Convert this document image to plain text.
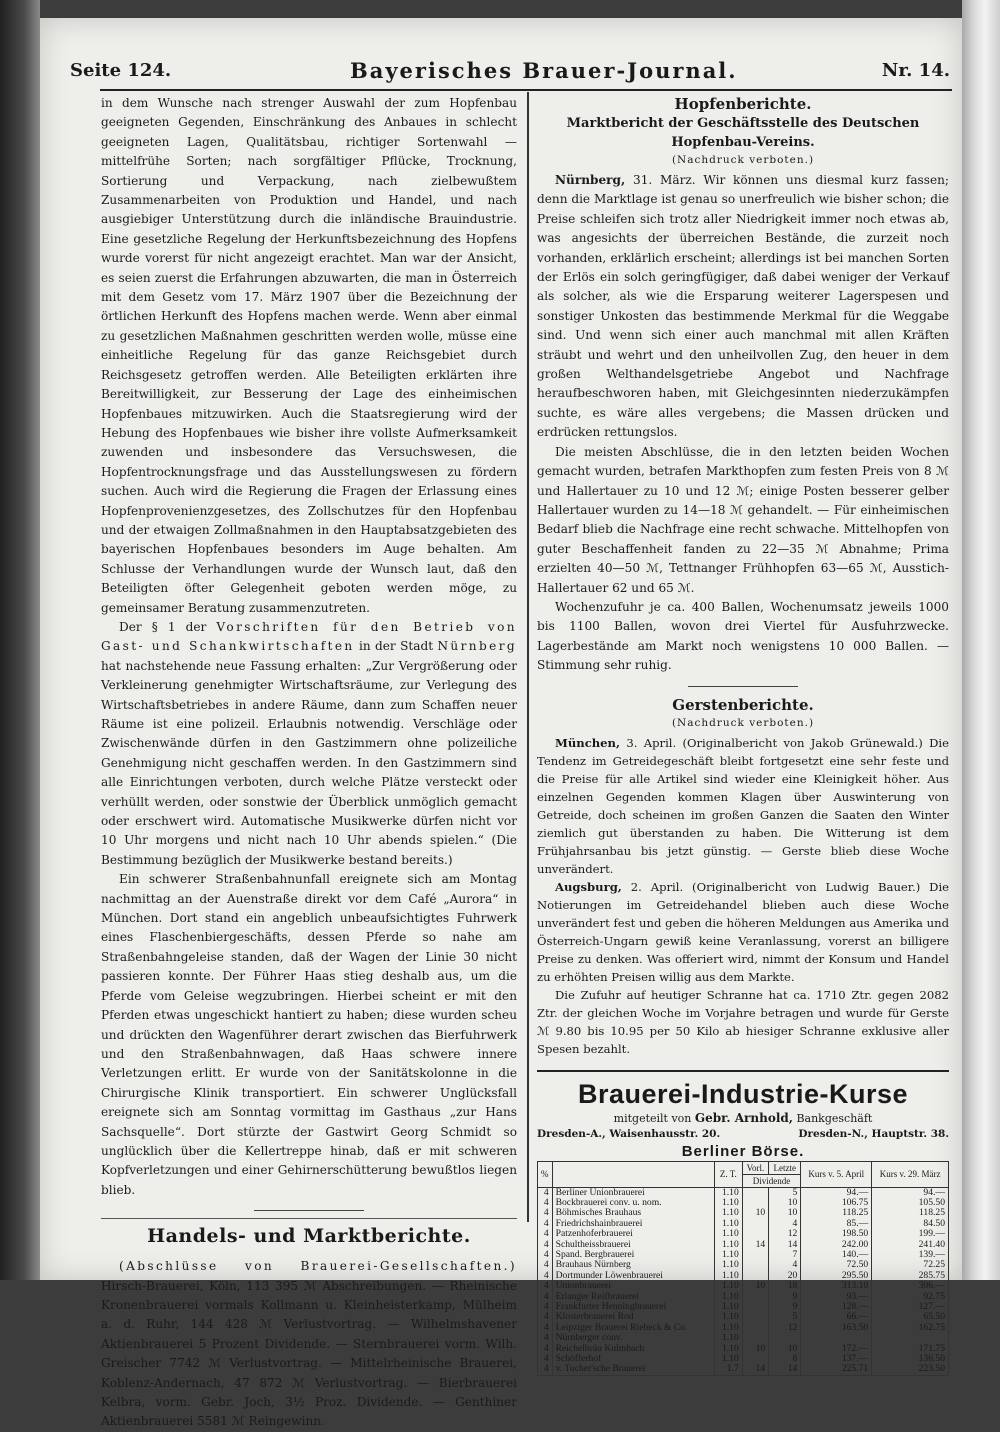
Seite 124.	Bayerisches Brauer-Journal.	Nr. 14.

in dem Wunsche nach strenger Auswahl der zum Hopfenbau geeigneten Gegenden, Einschränkung des Anbaues in schlecht geeigneten Lagen, Qualitätsbau, richtiger Sortenwahl — mittelfrühe Sorten; nach sorgfältiger Pflücke, Trocknung, Sortierung und Verpackung, nach zielbewußtem Zusammenarbeiten von Produktion und Handel, und nach ausgiebiger Unterstützung durch die inländische Brauindustrie. Eine gesetzliche Regelung der Herkunftsbezeichnung des Hopfens wurde vorerst für nicht angezeigt erachtet. Man war der Ansicht, es seien zuerst die Erfahrungen abzuwarten, die man in Österreich mit dem Gesetz vom 17. März 1907 über die Bezeichnung der örtlichen Herkunft des Hopfens machen werde. Wenn aber einmal zu gesetzlichen Maßnahmen geschritten werden wolle, müsse eine einheitliche Regelung für das ganze Reichsgebiet durch Reichsgesetz getroffen werden. Alle Beteiligten erklärten ihre Bereitwilligkeit, zur Besserung der Lage des einheimischen Hopfenbaues mitzuwirken. Auch die Staatsregierung wird der Hebung des Hopfenbaues wie bisher ihre vollste Aufmerksamkeit zuwenden und insbesondere das Versuchswesen, die Hopfentrocknungsfrage und das Ausstellungswesen zu fördern suchen. Auch wird die Regierung die Fragen der Erlassung eines Hopfenprovenienzgesetzes, des Zollschutzes für den Hopfenbau und der etwaigen Zollmaßnahmen in den Hauptabsatzgebieten des bayerischen Hopfenbaues besonders im Auge behalten. Am Schlusse der Verhandlungen wurde der Wunsch laut, daß den Beteiligten öfter Gelegenheit geboten werden möge, zu gemeinsamer Beratung zusammenzutreten.

Der § 1 der Vorschriften für den Betrieb von Gast- und Schankwirtschaften in der Stadt Nürnberg hat nachstehende neue Fassung erhalten: „Zur Vergrößerung oder Verkleinerung genehmigter Wirtschaftsräume, zur Verlegung des Wirtschaftsbetriebes in andere Räume, dann zum Schaffen neuer Räume ist eine polizeil. Erlaubnis notwendig. Verschläge oder Zwischenwände dürfen in den Gastzimmern ohne polizeiliche Genehmigung nicht geschaffen werden. In den Gastzimmern sind alle Einrichtungen verboten, durch welche Plätze versteckt oder verhüllt werden, oder sonstwie der Überblick unmöglich gemacht oder erschwert wird. Automatische Musikwerke dürfen nicht vor 10 Uhr morgens und nicht nach 10 Uhr abends spielen.“ (Die Bestimmung bezüglich der Musikwerke bestand bereits.)

Ein schwerer Straßenbahnunfall ereignete sich am Montag nachmittag an der Auenstraße direkt vor dem Café „Aurora“ in München. Dort stand ein angeblich unbeaufsichtigtes Fuhrwerk eines Flaschenbiergeschäfts, dessen Pferde so nahe am Straßenbahngeleise standen, daß der Wagen der Linie 30 nicht passieren konnte. Der Führer Haas stieg deshalb aus, um die Pferde vom Geleise wegzubringen. Hierbei scheint er mit den Pferden etwas ungeschickt hantiert zu haben; diese wurden scheu und drückten den Wagenführer derart zwischen das Bierfuhrwerk und den Straßenbahnwagen, daß Haas schwere innere Verletzungen erlitt. Er wurde von der Sanitätskolonne in die Chirurgische Klinik transportiert. Ein schwerer Unglücksfall ereignete sich am Sonntag vormittag im Gasthaus „zur Hans Sachsquelle“. Dort stürzte der Gastwirt Georg Schmidt so unglücklich über die Kellertreppe hinab, daß er mit schweren Kopfverletzungen und einer Gehirnerschütterung bewußtlos liegen blieb.

Handels- und Marktberichte.

(Abschlüsse von Brauerei-Gesellschaften.) Hirsch-Brauerei, Köln, 113 395 ℳ Abschreibungen. — Rheinische Kronenbrauerei vormals Kollmann u. Kleinheisterkamp, Mülheim a. d. Ruhr, 144 428 ℳ Verlustvortrag. — Wilhelmshavener Aktienbrauerei 5 Prozent Dividende. — Sternbrauerei vorm. Wilh. Greischer 7742 ℳ Verlustvortrag. — Mittelrheinische Brauerei, Koblenz-Andernach, 47 872 ℳ Verlustvortrag. — Bierbrauerei Kelbra, vorm. Gebr. Joch, 3½ Proz. Dividende. — Genthiner Aktienbrauerei 5581 ℳ Reingewinn.

Hopfenberichte.
Marktbericht der Geschäftsstelle des Deutschen Hopfenbau-Vereins.
(Nachdruck verboten.)

Nürnberg, 31. März. Wir können uns diesmal kurz fassen; denn die Marktlage ist genau so unerfreulich wie bisher schon; die Preise schleifen sich trotz aller Niedrigkeit immer noch etwas ab, was angesichts der überreichen Bestände, die zurzeit noch vorhanden, erklärlich erscheint; allerdings ist bei manchen Sorten der Erlös ein solch geringfügiger, daß dabei weniger der Verkauf als solcher, als wie die Ersparung weiterer Lagerspesen und sonstiger Unkosten das bestimmende Merkmal für die Weggabe sind. Und wenn sich einer auch manchmal mit allen Kräften sträubt und wehrt und den unheilvollen Zug, den heuer in dem großen Welthandelsgetriebe Angebot und Nachfrage heraufbeschworen haben, mit Gleichgesinnten niederzukämpfen suchte, es wäre alles vergebens; die Massen drücken und erdrücken rettungslos.

Die meisten Abschlüsse, die in den letzten beiden Wochen gemacht wurden, betrafen Markthopfen zum festen Preis von 8 ℳ und Hallertauer zu 10 und 12 ℳ; einige Posten besserer gelber Hallertauer wurden zu 14—18 ℳ gehandelt. — Für einheimischen Bedarf blieb die Nachfrage eine recht schwache. Mittelhopfen von guter Beschaffenheit fanden zu 22—35 ℳ Abnahme; Prima erzielten 40—50 ℳ, Tettnanger Frühhopfen 63—65 ℳ, Ausstich-Hallertauer 62 und 65 ℳ.

Wochenzufuhr je ca. 400 Ballen, Wochenumsatz jeweils 1000 bis 1100 Ballen, wovon drei Viertel für Ausfuhrzwecke. Lagerbestände am Markt noch wenigstens 10 000 Ballen. — Stimmung sehr ruhig.

Gerstenberichte.
(Nachdruck verboten.)

München, 3. April. (Originalbericht von Jakob Grünewald.) Die Tendenz im Getreidegeschäft bleibt fortgesetzt eine sehr feste und die Preise für alle Artikel sind wieder eine Kleinigkeit höher. Aus einzelnen Gegenden kommen Klagen über Auswinterung von Getreide, doch scheinen im großen Ganzen die Saaten den Winter ziemlich gut überstanden zu haben. Die Witterung ist dem Frühjahrsanbau bis jetzt günstig. — Gerste blieb diese Woche unverändert.

Augsburg, 2. April. (Originalbericht von Ludwig Bauer.) Die Notierungen im Getreidehandel blieben auch diese Woche unverändert fest und geben die höheren Meldungen aus Amerika und Österreich-Ungarn gewiß keine Veranlassung, vorerst an billigere Preise zu denken. Was offeriert wird, nimmt der Konsum und Handel zu erhöhten Preisen willig aus dem Markte.

Die Zufuhr auf heutiger Schranne hat ca. 1710 Ztr. gegen 2082 Ztr. der gleichen Woche im Vorjahre betragen und wurde für Gerste ℳ 9.80 bis 10.95 per 50 Kilo ab hiesiger Schranne exklusive aller Spesen bezahlt.

Brauerei-Industrie-Kurse
mitgeteilt von Gebr. Arnhold, Bankgeschäft
Dresden-A., Waisenhausstr. 20.	Dresden-N., Hauptstr. 38.
Berliner Börse.
%		Z. T.	Vorl.	Letzte	Kurs v. 5. April	Kurs v. 29. März
			Dividende			
4	Berliner Unionbrauerei	1.10		5	94.—	94.—
4	Bockbrauerei conv. u. nom.	1.10		10	106.75	105.50
4	Böhmisches Brauhaus	1.10	10	10	118.25	118.25
4	Friedrichshainbrauerei	1.10		4	85.—	84.50
4	Patzenhoferbrauerei	1.10		12	198.50	199.—
4	Schultheissbrauerei	1.10	14	14	242.00	241.40
4	Spand. Bergbrauerei	1.10		7	140.—	139.—
4	Brauhaus Nürnberg	1.10		4	72.50	72.25
4	Dortmunder Löwenbrauerei	1.10		20	295.50	285.75
4	Unionbrauerei	1.10	10	18	313.10	306.—
4	Erlanger Reifbrauerei	1.10		9	93.—	92.75
4	Frankfurter Henningbrauerei	1.10		9	128.—	127.—
4	Klosterbrauerei Rod	1.10		5	66.—	65.50
4	Leipziger Brauerei Riebeck & Co.	1.10		12	163.50	162.75
4	Nürnberger conv.	1.10				
4	Reichelbräu Kulmbach	1.10	10	10	172.—	171.75
4	Schöfferhof	1.10		8	137.—	136.50
4	v. Tucher'sche Brauerei	1.7	14	14	225.71	223.50
